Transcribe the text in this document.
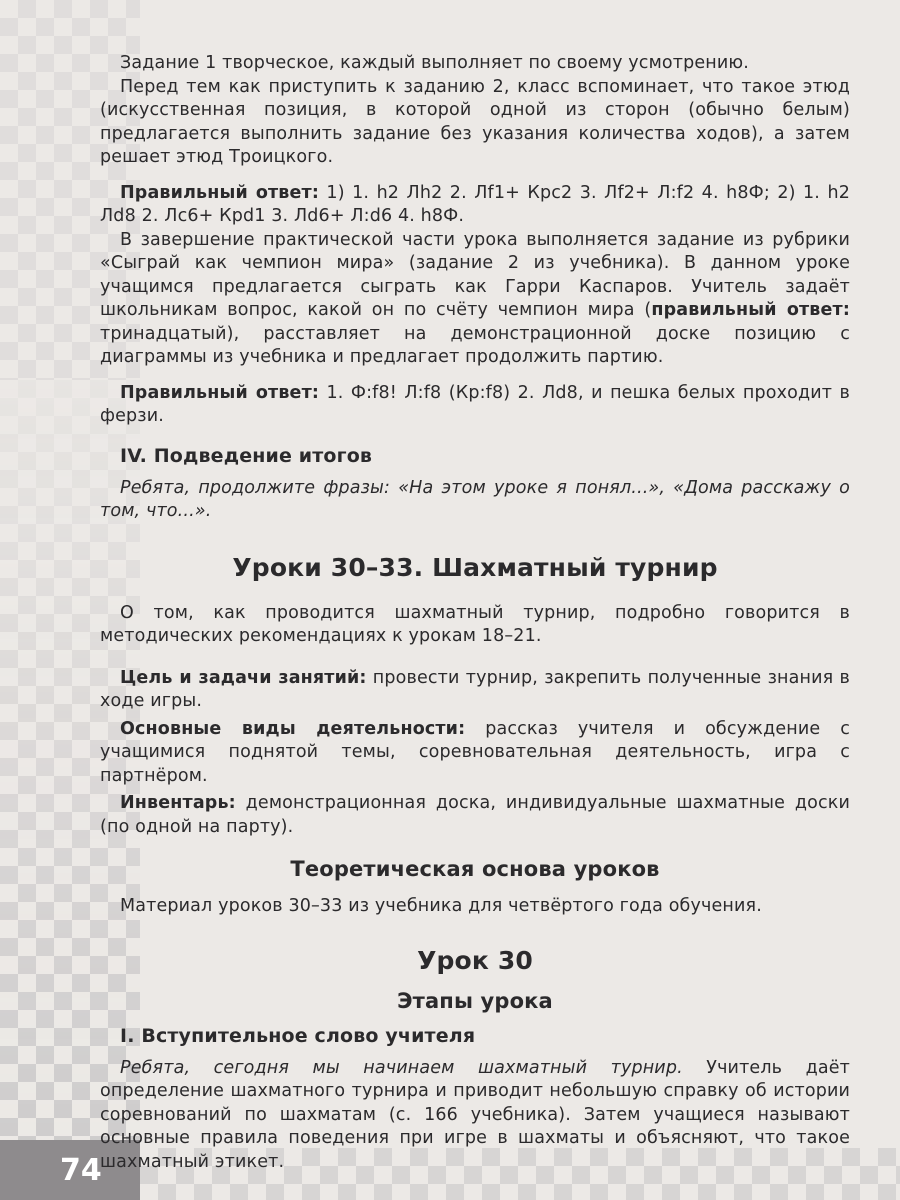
74

Задание 1 творческое, каждый выполняет по своему усмотрению.

Перед тем как приступить к заданию 2, класс вспоминает, что такое этюд (искусственная позиция, в которой одной из сторон (обычно белым) предлагается выполнить задание без указания количества ходов), а затем решает этюд Троицкого.

Правильный ответ: 1) 1. h2 Лh2 2. Лf1+ Крс2 3. Лf2+ Л:f2 4. h8Ф; 2) 1. h2 Лd8 2. Лс6+ Крd1 3. Лd6+ Л:d6 4. h8Ф.

В завершение практической части урока выполняется задание из рубрики «Сыграй как чемпион мира» (задание 2 из учебника). В данном уроке учащимся предлагается сыграть как Гарри Каспаров. Учитель задаёт школьникам вопрос, какой он по счёту чемпион мира (правильный ответ: тринадцатый), расставляет на демонстрационной доске позицию с диаграммы из учебника и предлагает продолжить партию.

Правильный ответ: 1. Ф:f8! Л:f8 (Кр:f8) 2. Лd8, и пешка белых проходит в ферзи.

IV. Подведение итогов

Ребята, продолжите фразы: «На этом уроке я понял...», «Дома расскажу о том, что...».

Уроки 30–33. Шахматный турнир

О том, как проводится шахматный турнир, подробно говорится в методических рекомендациях к урокам 18–21.

Цель и задачи занятий: провести турнир, закрепить полученные знания в ходе игры.

Основные виды деятельности: рассказ учителя и обсуждение с учащимися поднятой темы, соревновательная деятельность, игра с партнёром.

Инвентарь: демонстрационная доска, индивидуальные шахматные доски (по одной на парту).

Теоретическая основа уроков

Материал уроков 30–33 из учебника для четвёртого года обучения.

Урок 30
Этапы урока
I. Вступительное слово учителя

Ребята, сегодня мы начинаем шахматный турнир. Учитель даёт определение шахматного турнира и приводит небольшую справку об истории соревнований по шахматам (с. 166 учебника). Затем учащиеся называют основные правила поведения при игре в шахматы и объясняют, что такое шахматный этикет.
